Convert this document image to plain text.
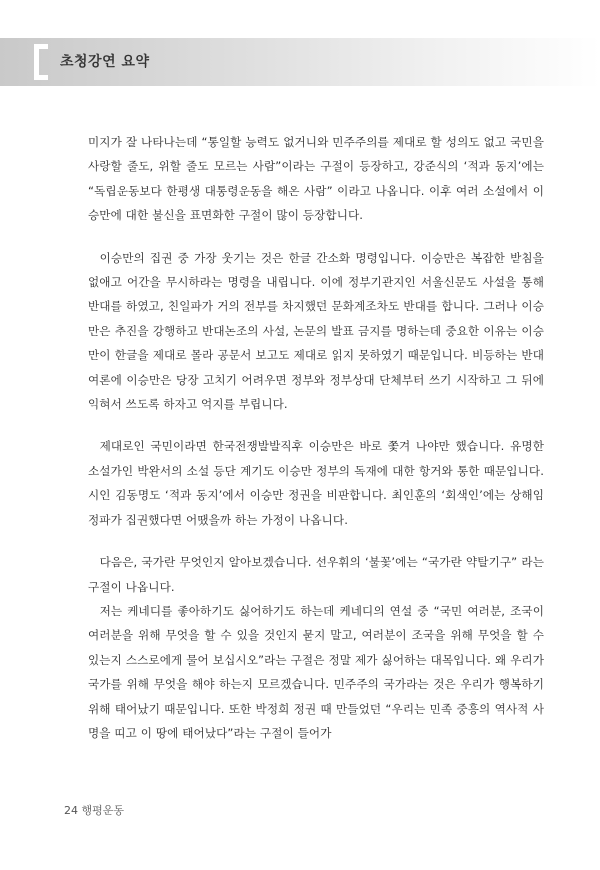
초청강연 요약

미지가 잘 나타나는데 “통일할 능력도 없거니와 민주주의를 제대로 할 성의도 없고 국민을 사랑할 줄도, 위할 줄도 모르는 사람”이라는 구절이 등장하고, 강준식의 ‘적과 동지’에는 “독립운동보다 한평생 대통령운동을 해온 사람” 이라고 나옵니다. 이후 여러 소설에서 이승만에 대한 불신을 표면화한 구절이 많이 등장합니다.

이승만의 집권 중 가장 웃기는 것은 한글 간소화 명령입니다. 이승만은 복잡한 받침을 없애고 어간을 무시하라는 명령을 내립니다. 이에 정부기관지인 서울신문도 사설을 통해 반대를 하였고, 친일파가 거의 전부를 차지했던 문화계조차도 반대를 합니다. 그러나 이승만은 추진을 강행하고 반대논조의 사설, 논문의 발표 금지를 명하는데 중요한 이유는 이승만이 한글을 제대로 몰라 공문서 보고도 제대로 읽지 못하였기 때문입니다. 비등하는 반대여론에 이승만은 당장 고치기 어려우면 정부와 정부상대 단체부터 쓰기 시작하고 그 뒤에 익혀서 쓰도록 하자고 억지를 부립니다.

제대로인 국민이라면 한국전쟁발발직후 이승만은 바로 쫓겨 나야만 했습니다. 유명한 소설가인 박완서의 소설 등단 계기도 이승만 정부의 독재에 대한 항거와 통한 때문입니다. 시인 김동명도 ‘적과 동지’에서 이승만 정권을 비판합니다. 최인훈의 ‘회색인’에는 상해임정파가 집권했다면 어땠을까 하는 가정이 나옵니다.

다음은, 국가란 무엇인지 알아보겠습니다. 선우휘의 ‘불꽃’에는 “국가란 약탈기구” 라는 구절이 나옵니다.

저는 케네디를 좋아하기도 싫어하기도 하는데 케네디의 연설 중 “국민 여러분, 조국이 여러분을 위해 무엇을 할 수 있을 것인지 묻지 말고, 여러분이 조국을 위해 무엇을 할 수 있는지 스스로에게 물어 보십시오”라는 구절은 정말 제가 싫어하는 대목입니다. 왜 우리가 국가를 위해 무엇을 해야 하는지 모르겠습니다. 민주주의 국가라는 것은 우리가 행복하기 위해 태어났기 때문입니다. 또한 박정희 정권 때 만들었던 “우리는 민족 중흥의 역사적 사명을 띠고 이 땅에 태어났다”라는 구절이 들어가

24 행평운동
